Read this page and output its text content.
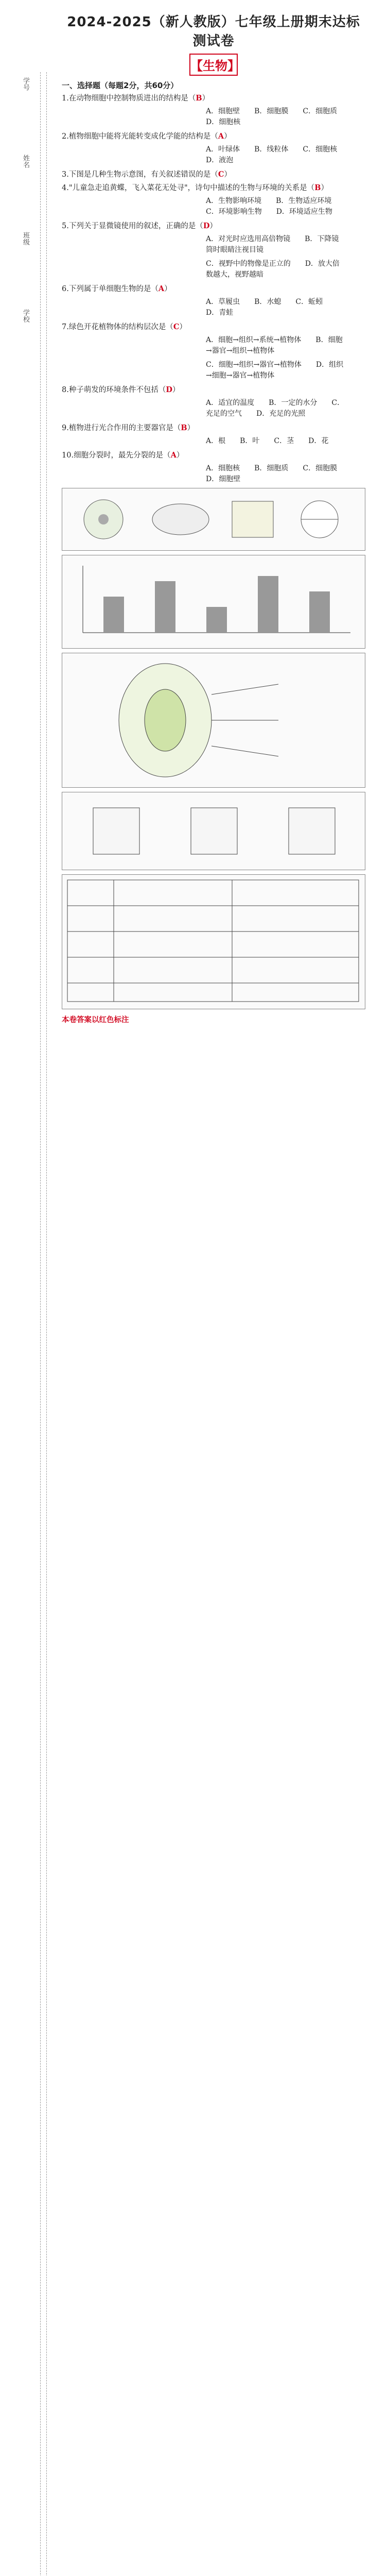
学号
姓名
班级
学校
2024-2025（新人教版）七年级上册期末达标测试卷
【生物】
一、选择题（每题2分，共60分）
1.在动物细胞中控制物质进出的结构是（B）
A．细胞壁　　B．细胞膜　　C．细胞质　　D．细胞核
2.植物细胞中能将光能转变成化学能的结构是（A）
A．叶绿体　　B．线粒体　　C．细胞核　　D．液泡
3.下图是几种生物示意图，有关叙述错误的是（C）
4."儿童急走追黄蝶，飞入菜花无处寻"，诗句中描述的生物与环境的关系是（B）
A．生物影响环境　　B．生物适应环境　　C．环境影响生物　　D．环境适应生物
5.下列关于显微镜使用的叙述，正确的是（D）
A．对光时应选用高倍物镜　　B．下降镜筒时眼睛注视目镜
C．视野中的物像是正立的　　D．放大倍数越大，视野越暗
6.下列属于单细胞生物的是（A）
A．草履虫　　B．水螅　　C．蚯蚓　　D．青蛙
7.绿色开花植物体的结构层次是（C）
A．细胞→组织→系统→植物体　　B．细胞→器官→组织→植物体
C．细胞→组织→器官→植物体　　D．组织→细胞→器官→植物体
8.种子萌发的环境条件不包括（D）
A．适宜的温度　　B．一定的水分　　C．充足的空气　　D．充足的光照
9.植物进行光合作用的主要器官是（B）
A．根　　B．叶　　C．茎　　D．花
10.细胞分裂时，最先分裂的是（A）
A．细胞核　　B．细胞质　　C．细胞膜　　D．细胞壁
本卷答案以红色标注
